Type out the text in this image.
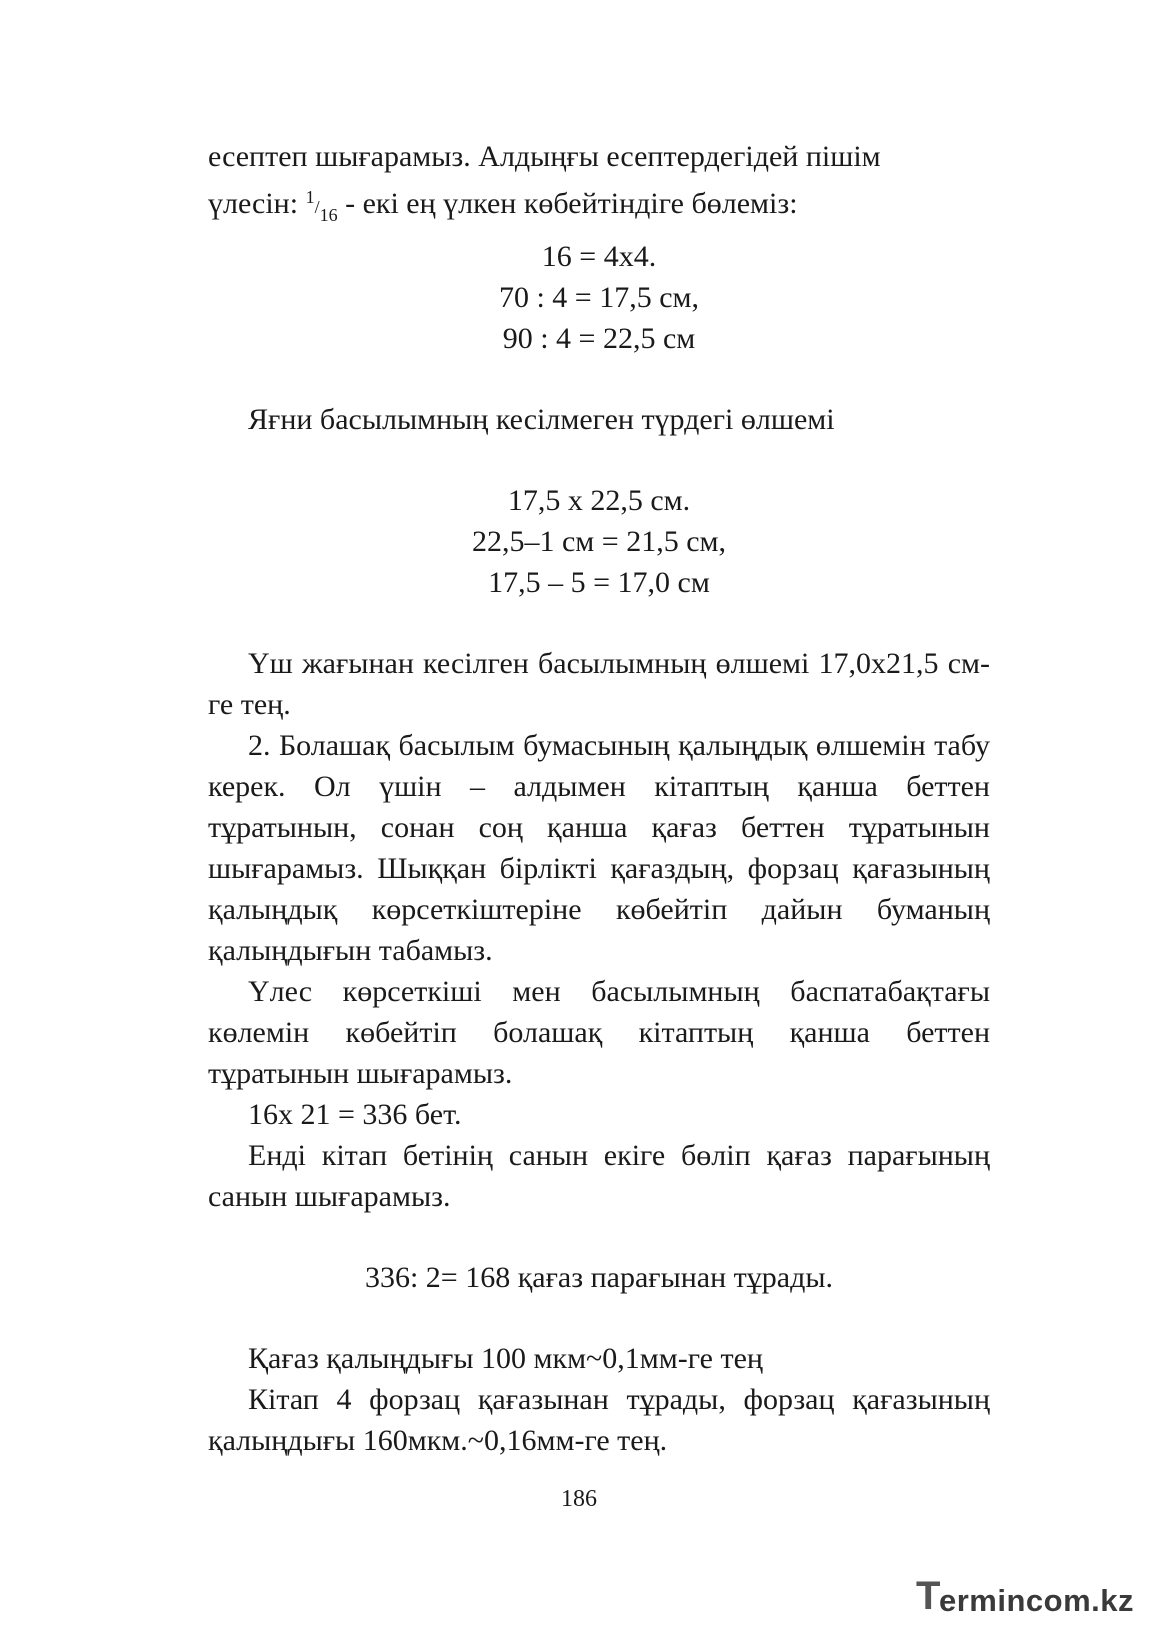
есептеп шығарамыз. Алдыңғы есептердегідей пішім
үлесін: $^1/_{16}$ - екі ең үлкен көбейтіндіге бөлеміз:

16 = 4х4.

70 : 4 = 17,5 см,

90 : 4 = 22,5 см

Яғни басылымның кесілмеген түрдегі өлшемі

17,5 х 22,5 см.

22,5–1 см = 21,5 см,

17,5 – 5 = 17,0 см

Үш жағынан кесілген басылымның өлшемі 17,0х21,5 см-ге тең.

2. Болашақ басылым бумасының қалыңдық өлшемін табу керек. Ол үшін – алдымен кітаптың қанша беттен тұратынын, сонан соң қанша қағаз беттен тұратынын шығарамыз. Шыққан бірлікті қағаздың, форзац қағазының қалыңдық көрсеткіштеріне көбейтіп дайын буманың қалыңдығын табамыз.

Үлес көрсеткіші мен басылымның баспатабақтағы көлемін көбейтіп болашақ кітаптың қанша беттен тұратынын шығарамыз.

16х 21 = 336 бет.

Енді кітап бетінің санын екіге бөліп қағаз парағының санын шығарамыз.

336: 2= 168 қағаз парағынан тұрады.

Қағаз қалыңдығы 100 мкм~0,1мм-ге тең

Кітап 4 форзац қағазынан тұрады, форзац қағазының қалыңдығы 160мкм.~0,16мм-ге тең.

186
T
ermincom.kz
